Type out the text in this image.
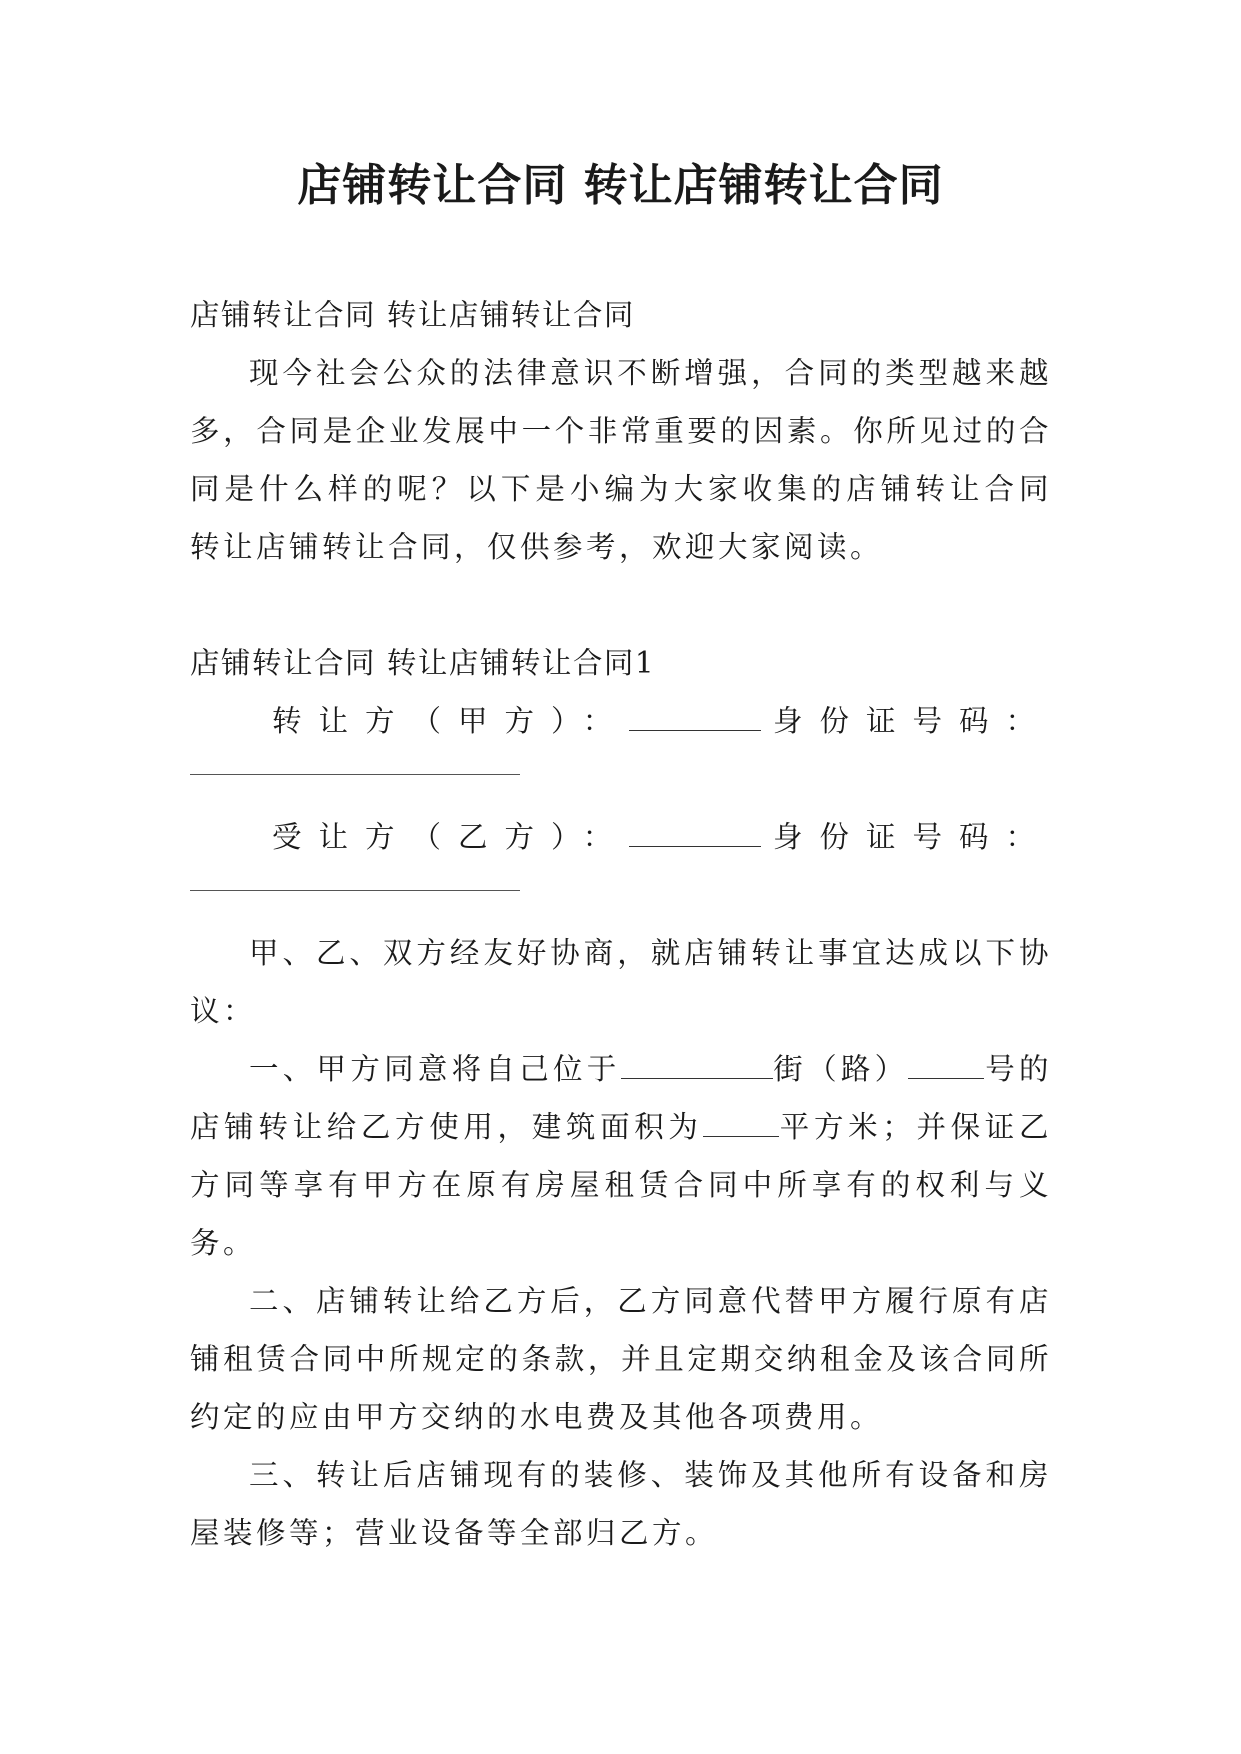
店铺转让合同 转让店铺转让合同
店铺转让合同 转让店铺转让合同
现今社会公众的法律意识不断增强，合同的类型越来越多，合同是企业发展中一个非常重要的因素。你所见过的合同是什么样的呢？以下是小编为大家收集的店铺转让合同 转让店铺转让合同，仅供参考，欢迎大家阅读。
店铺转让合同 转让店铺转让合同1
转让方（甲方）：	身份证号码：
受让方（乙方）：	身份证号码：
甲、乙、双方经友好协商，就店铺转让事宜达成以下协议：
一、甲方同意将自己位于	街（路）	号的店铺转让给乙方使用，建筑面积为	平方米；并保证乙方同等享有甲方在原有房屋租赁合同中所享有的权利与义务。
二、店铺转让给乙方后，乙方同意代替甲方履行原有店铺租赁合同中所规定的条款，并且定期交纳租金及该合同所约定的应由甲方交纳的水电费及其他各项费用。
三、转让后店铺现有的装修、装饰及其他所有设备和房屋装修等；营业设备等全部归乙方。
